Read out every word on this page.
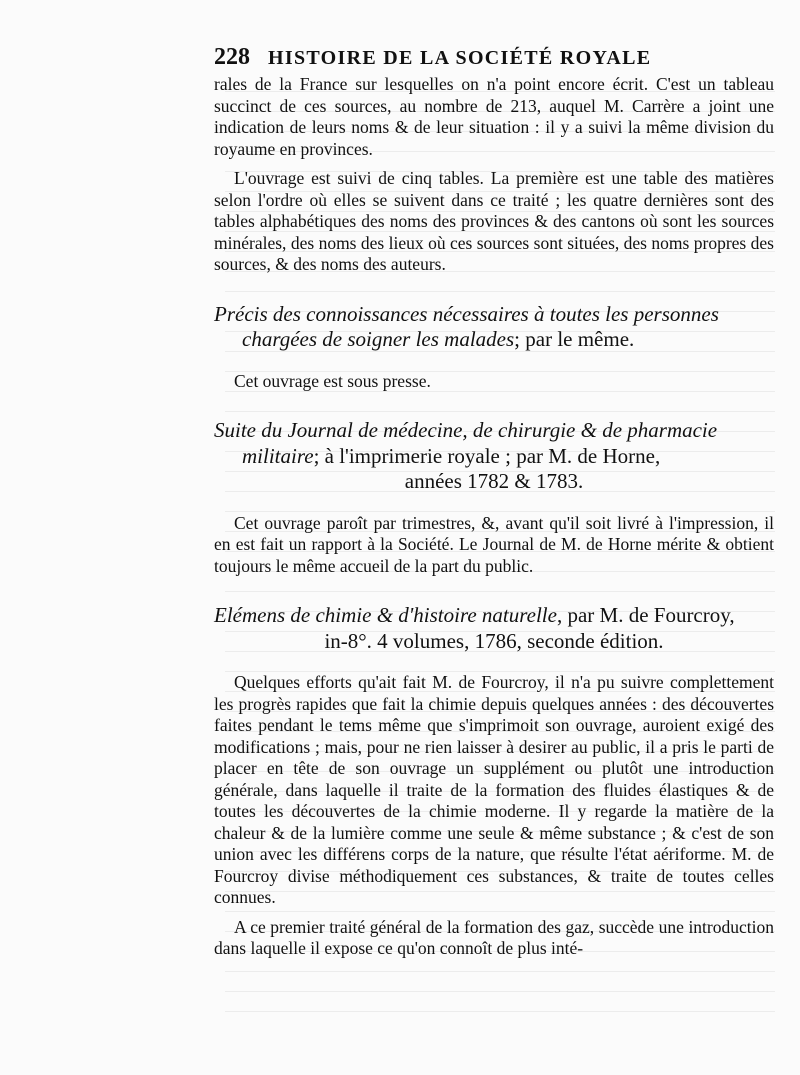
228 HISTOIRE DE LA SOCIÉTÉ ROYALE

rales de la France sur lesquelles on n'a point encore écrit. C'est un tableau succinct de ces sources, au nombre de 213, auquel M. Carrère a joint une indication de leurs noms & de leur situation : il y a suivi la même division du royaume en provinces.

L'ouvrage est suivi de cinq tables. La première est une table des matières selon l'ordre où elles se suivent dans ce traité ; les quatre dernières sont des tables alphabétiques des noms des provinces & des cantons où sont les sources minérales, des noms des lieux où ces sources sont situées, des noms propres des sources, & des noms des auteurs.

Précis des connoissances nécessaires à toutes les personnes
chargées de soigner les malades; par le même.

Cet ouvrage est sous presse.

Suite du Journal de médecine, de chirurgie & de pharmacie
militaire; à l'imprimerie royale ; par M. de Horne,
années 1782 & 1783.

Cet ouvrage paroît par trimestres, &, avant qu'il soit livré à l'impression, il en est fait un rapport à la Société. Le Journal de M. de Horne mérite & obtient toujours le même accueil de la part du public.

Elémens de chimie & d'histoire naturelle, par M. de Fourcroy,
in-8°. 4 volumes, 1786, seconde édition.

Quelques efforts qu'ait fait M. de Fourcroy, il n'a pu suivre complettement les progrès rapides que fait la chimie depuis quelques années : des découvertes faites pendant le tems même que s'imprimoit son ouvrage, auroient exigé des modifications ; mais, pour ne rien laisser à desirer au public, il a pris le parti de placer en tête de son ouvrage un supplément ou plutôt une introduction générale, dans laquelle il traite de la formation des fluides élastiques & de toutes les découvertes de la chimie moderne. Il y regarde la matière de la chaleur & de la lumière comme une seule & même substance ; & c'est de son union avec les différens corps de la nature, que résulte l'état aériforme. M. de Fourcroy divise méthodiquement ces substances, & traite de toutes celles connues.

A ce premier traité général de la formation des gaz, succède une introduction dans laquelle il expose ce qu'on connoît de plus inté-
